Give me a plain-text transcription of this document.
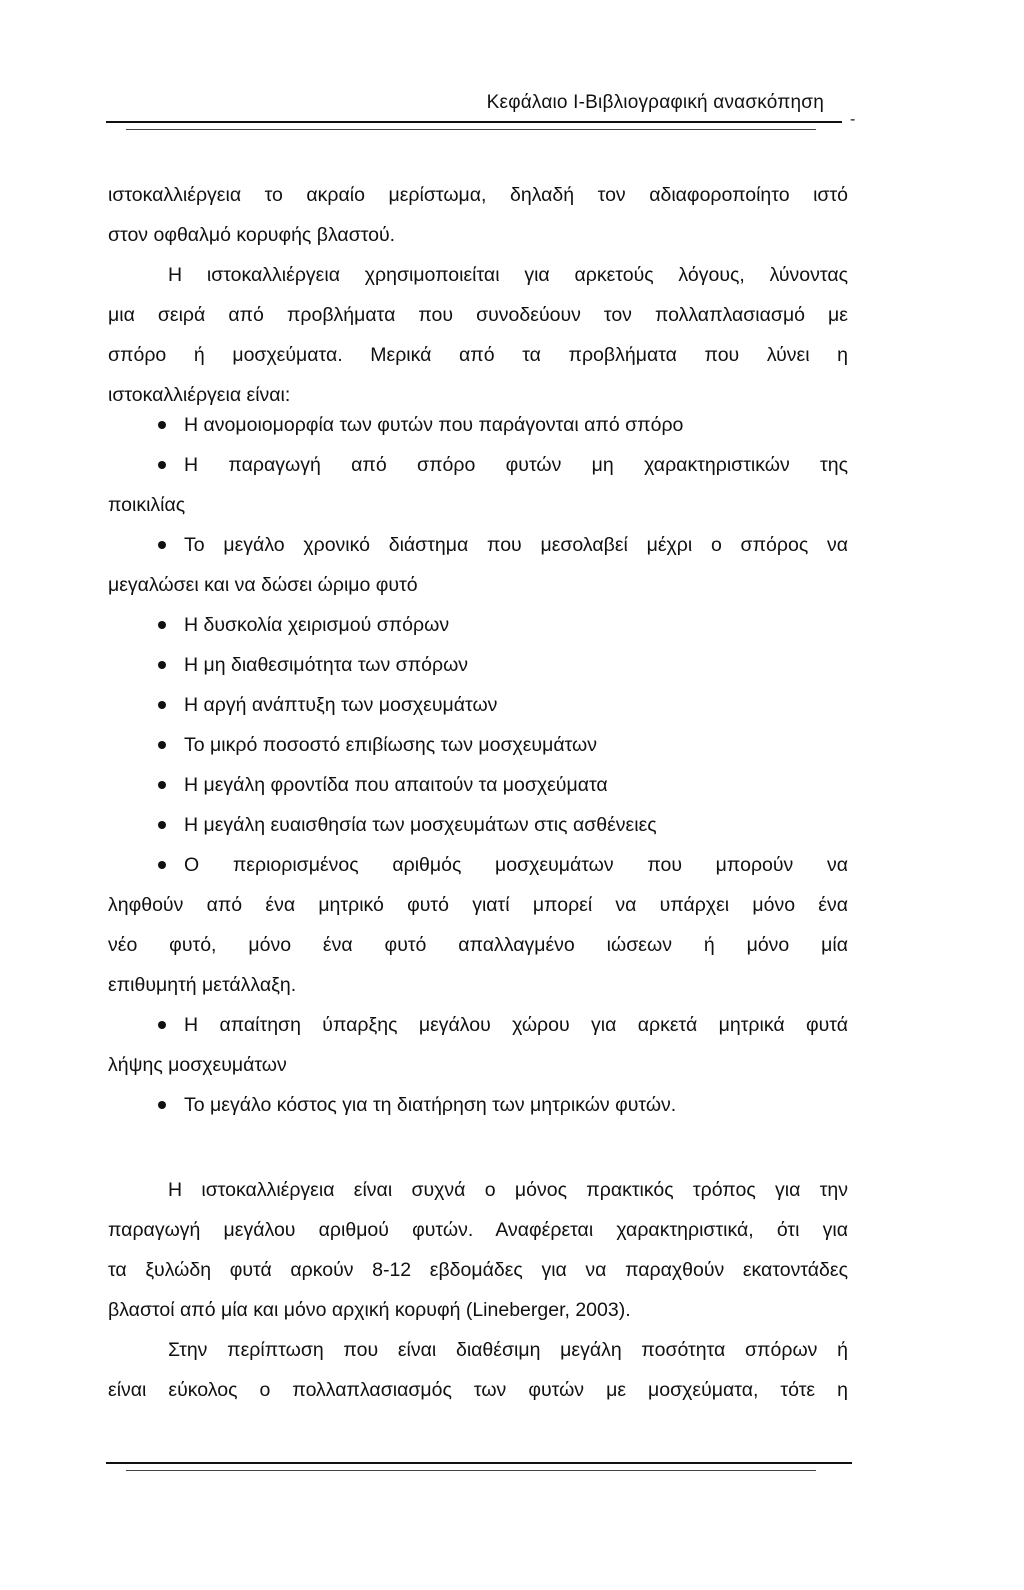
Κεφάλαιο Ι-Βιβλιογραφική ανασκόπηση
‐
ιστοκαλλιέργεια το ακραίο μερίστωμα, δηλαδή τον αδιαφοροποίητο ιστό
στον οφθαλμό κορυφής βλαστού.
Η ιστοκαλλιέργεια χρησιμοποιείται για αρκετούς λόγους, λύνοντας
μια σειρά από προβλήματα που συνοδεύουν τον πολλαπλασιασμό με
σπόρο ή μοσχεύματα. Μερικά από τα προβλήματα που λύνει η
ιστοκαλλιέργεια είναι:
Η ανομοιομορφία των φυτών που παράγονται από σπόρο
Η παραγωγή από σπόρο φυτών μη χαρακτηριστικών της
ποικιλίας
Το μεγάλο χρονικό διάστημα που μεσολαβεί μέχρι ο σπόρος να
μεγαλώσει και να δώσει ώριμο φυτό
Η δυσκολία χειρισμού σπόρων
Η μη διαθεσιμότητα των σπόρων
Η αργή ανάπτυξη των μοσχευμάτων
Το μικρό ποσοστό επιβίωσης των μοσχευμάτων
Η μεγάλη φροντίδα που απαιτούν τα μοσχεύματα
Η μεγάλη ευαισθησία των μοσχευμάτων στις ασθένειες
Ο περιορισμένος αριθμός μοσχευμάτων που μπορούν να
ληφθούν από ένα μητρικό φυτό γιατί μπορεί να υπάρχει μόνο ένα
νέο φυτό, μόνο ένα φυτό απαλλαγμένο ιώσεων ή μόνο μία
επιθυμητή μετάλλαξη.
Η απαίτηση ύπαρξης μεγάλου χώρου για αρκετά μητρικά φυτά
λήψης μοσχευμάτων
Το μεγάλο κόστος για τη διατήρηση των μητρικών φυτών.
Η ιστοκαλλιέργεια είναι συχνά ο μόνος πρακτικός τρόπος για την
παραγωγή μεγάλου αριθμού φυτών. Αναφέρεται χαρακτηριστικά, ότι για
τα ξυλώδη φυτά αρκούν 8-12 εβδομάδες για να παραχθούν εκατοντάδες
βλαστοί από μία και μόνο αρχική κορυφή (Lineberger, 2003).
Στην περίπτωση που είναι διαθέσιμη μεγάλη ποσότητα σπόρων ή
είναι εύκολος ο πολλαπλασιασμός των φυτών με μοσχεύματα, τότε η
